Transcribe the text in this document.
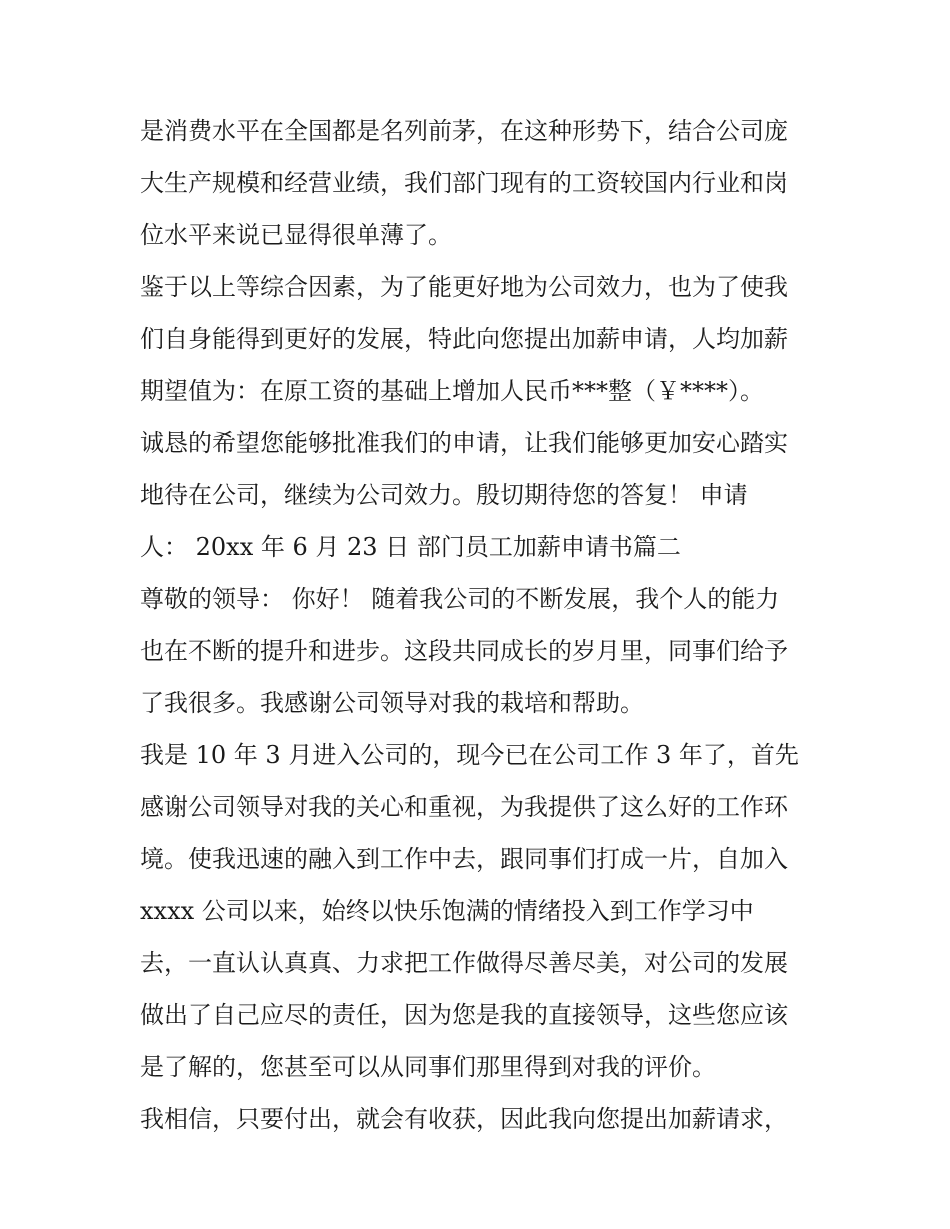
是消费水平在全国都是名列前茅，在这种形势下，结合公司庞
大生产规模和经营业绩，我们部门现有的工资较国内行业和岗
位水平来说已显得很单薄了。
鉴于以上等综合因素，为了能更好地为公司效力，也为了使我
们自身能得到更好的发展，特此向您提出加薪申请，人均加薪
期望值为：在原工资的基础上增加人民币***整（￥****）。
诚恳的希望您能够批准我们的申请，让我们能够更加安心踏实
地待在公司，继续为公司效力。殷切期待您的答复！ 申请
人： 20xx 年 6 月 23 日 部门员工加薪申请书篇二
尊敬的领导： 你好！ 随着我公司的不断发展，我个人的能力
也在不断的提升和进步。这段共同成长的岁月里，同事们给予
了我很多。我感谢公司领导对我的栽培和帮助。
我是 10 年 3 月进入公司的，现今已在公司工作 3 年了，首先
感谢公司领导对我的关心和重视，为我提供了这么好的工作环
境。使我迅速的融入到工作中去，跟同事们打成一片，自加入
xxxx 公司以来，始终以快乐饱满的情绪投入到工作学习中
去，一直认认真真、力求把工作做得尽善尽美，对公司的发展
做出了自己应尽的责任，因为您是我的直接领导，这些您应该
是了解的，您甚至可以从同事们那里得到对我的评价。
我相信，只要付出，就会有收获，因此我向您提出加薪请求，
